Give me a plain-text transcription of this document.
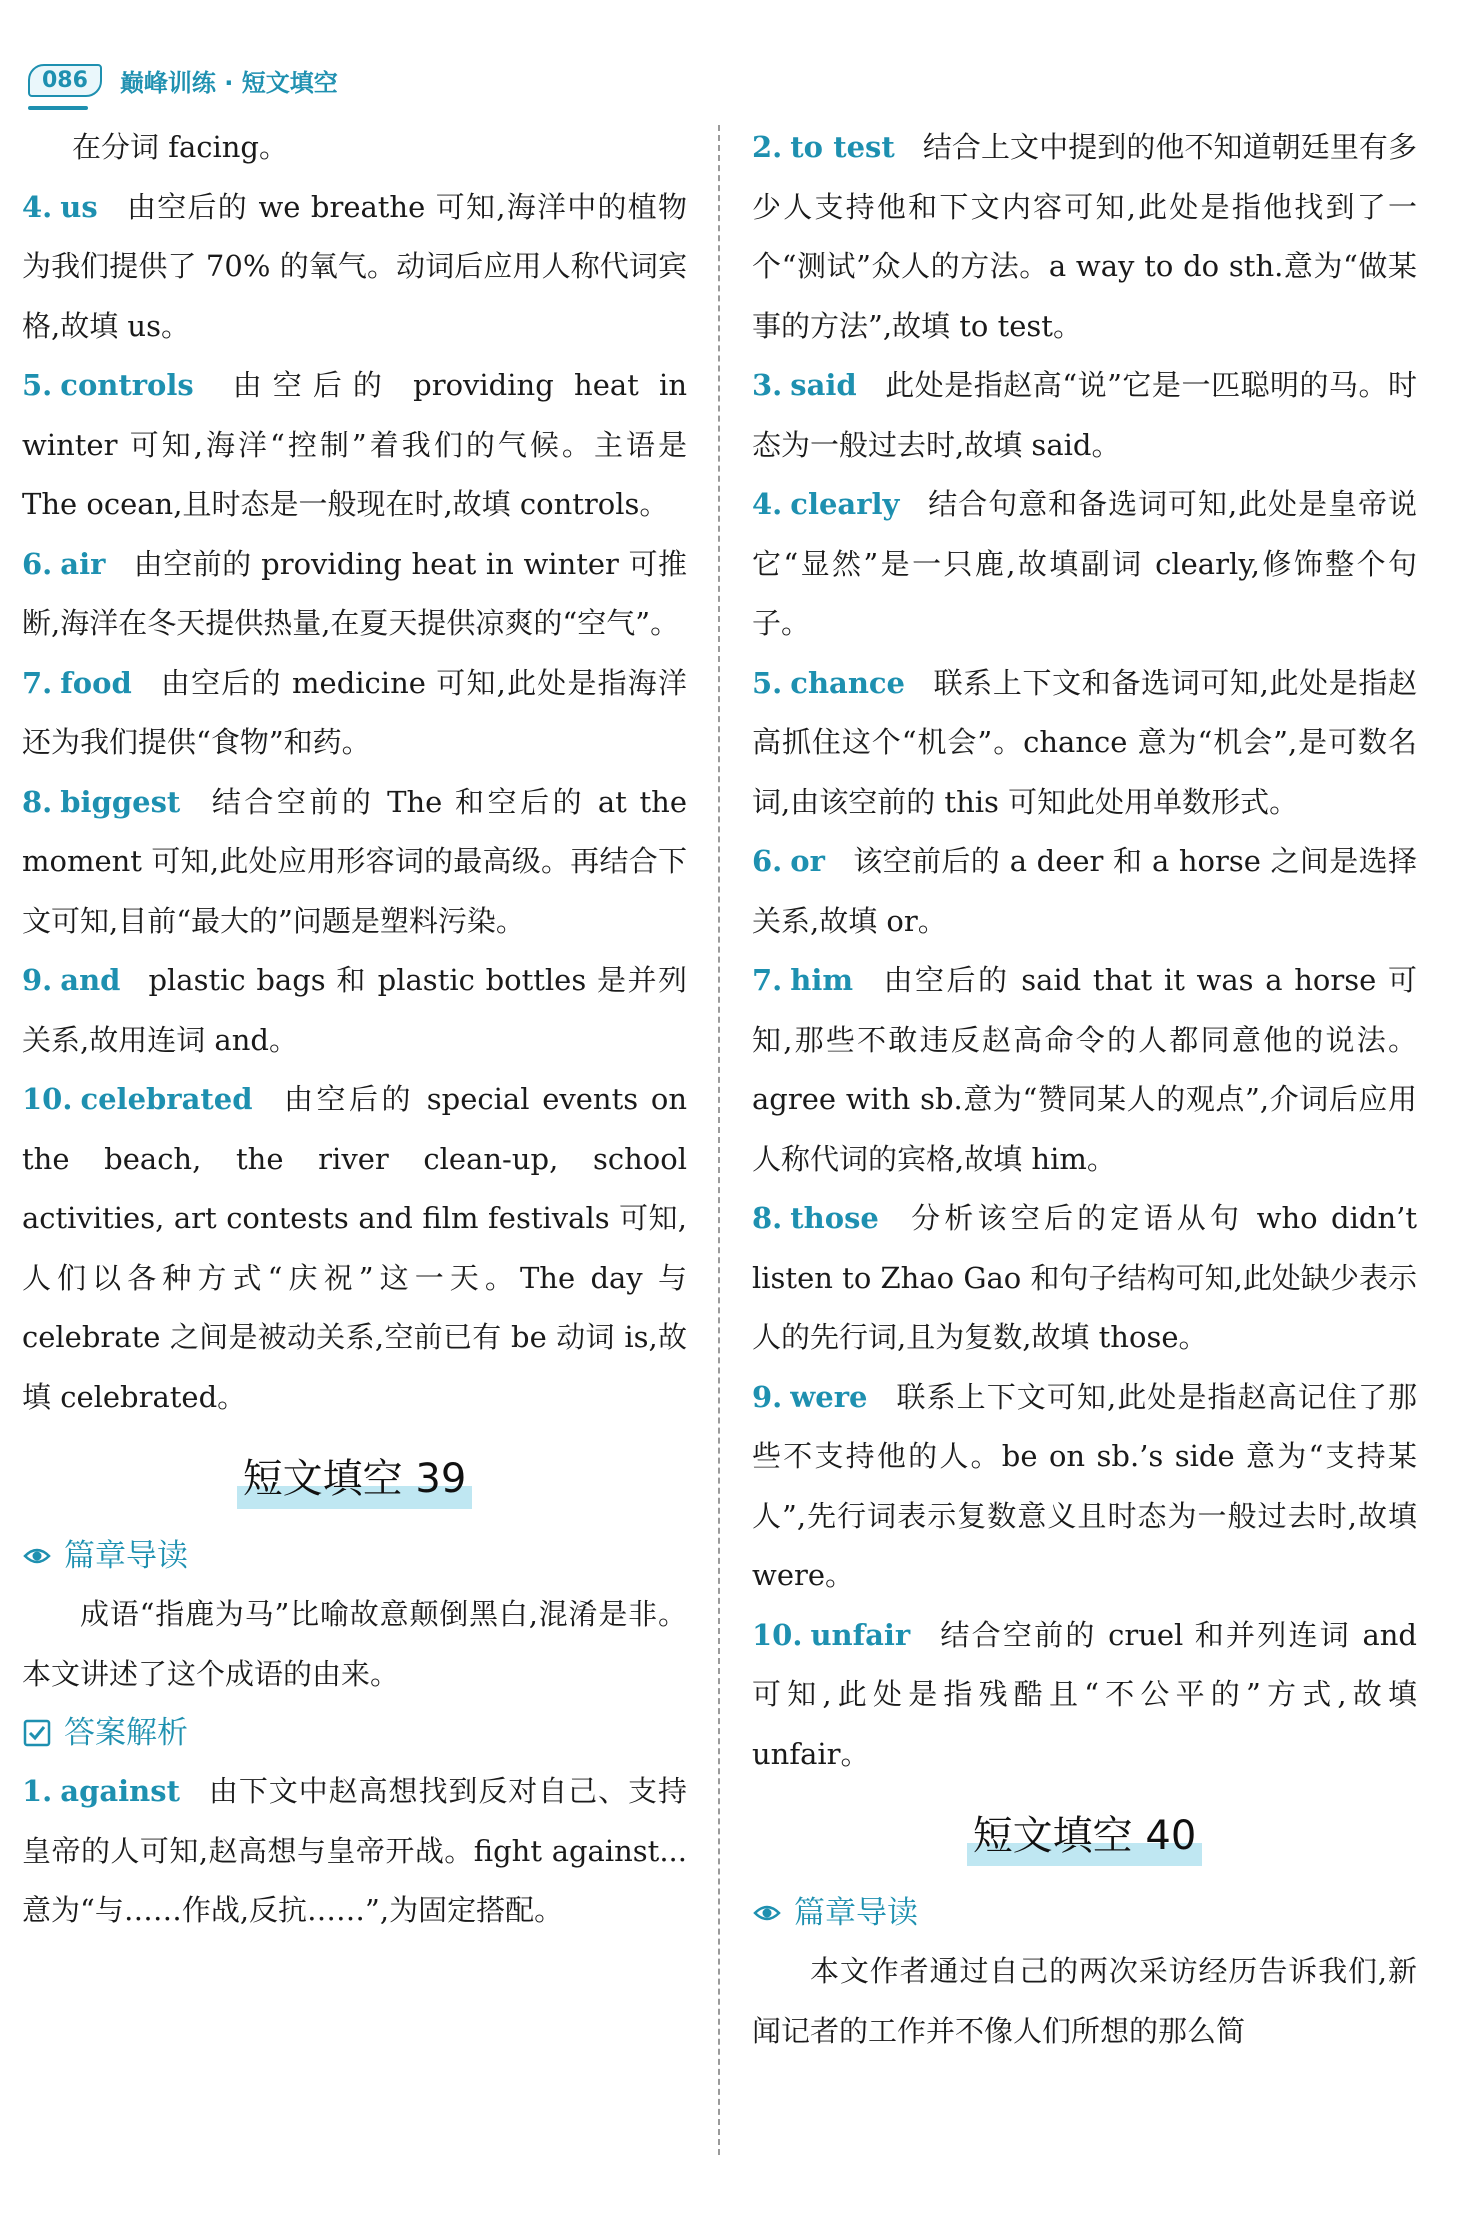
086	巅峰训练 · 短文填空
在分词 facing。
4. us 由空后的 we breathe 可知,海洋中的植物为我们提供了 70% 的氧气。动词后应用人称代词宾格,故填 us。
5. controls 由空后的 providing heat in winter 可知,海洋“控制”着我们的气候。主语是 The ocean,且时态是一般现在时,故填 controls。
6. air 由空前的 providing heat in winter 可推断,海洋在冬天提供热量,在夏天提供凉爽的“空气”。
7. food 由空后的 medicine 可知,此处是指海洋还为我们提供“食物”和药。
8. biggest 结合空前的 The 和空后的 at the moment 可知,此处应用形容词的最高级。再结合下文可知,目前“最大的”问题是塑料污染。
9. and plastic bags 和 plastic bottles 是并列关系,故用连词 and。
10. celebrated 由空后的 special events on the beach, the river clean-up, school activities, art contests and film festivals 可知,人们以各种方式“庆祝”这一天。The day 与 celebrate 之间是被动关系,空前已有 be 动词 is,故填 celebrated。
短文填空 39
篇章导读
成语“指鹿为马”比喻故意颠倒黑白,混淆是非。本文讲述了这个成语的由来。
答案解析
1. against 由下文中赵高想找到反对自己、支持皇帝的人可知,赵高想与皇帝开战。fight against...意为“与……作战,反抗……”,为固定搭配。
2. to test 结合上文中提到的他不知道朝廷里有多少人支持他和下文内容可知,此处是指他找到了一个“测试”众人的方法。a way to do sth.意为“做某事的方法”,故填 to test。
3. said 此处是指赵高“说”它是一匹聪明的马。时态为一般过去时,故填 said。
4. clearly 结合句意和备选词可知,此处是皇帝说它“显然”是一只鹿,故填副词 clearly,修饰整个句子。
5. chance 联系上下文和备选词可知,此处是指赵高抓住这个“机会”。chance 意为“机会”,是可数名词,由该空前的 this 可知此处用单数形式。
6. or 该空前后的 a deer 和 a horse 之间是选择关系,故填 or。
7. him 由空后的 said that it was a horse 可知,那些不敢违反赵高命令的人都同意他的说法。agree with sb.意为“赞同某人的观点”,介词后应用人称代词的宾格,故填 him。
8. those 分析该空后的定语从句 who didn’t listen to Zhao Gao 和句子结构可知,此处缺少表示人的先行词,且为复数,故填 those。
9. were 联系上下文可知,此处是指赵高记住了那些不支持他的人。be on sb.’s side 意为“支持某人”,先行词表示复数意义且时态为一般过去时,故填 were。
10. unfair 结合空前的 cruel 和并列连词 and 可知,此处是指残酷且“不公平的”方式,故填 unfair。
短文填空 40
篇章导读
本文作者通过自己的两次采访经历告诉我们,新闻记者的工作并不像人们所想的那么简
